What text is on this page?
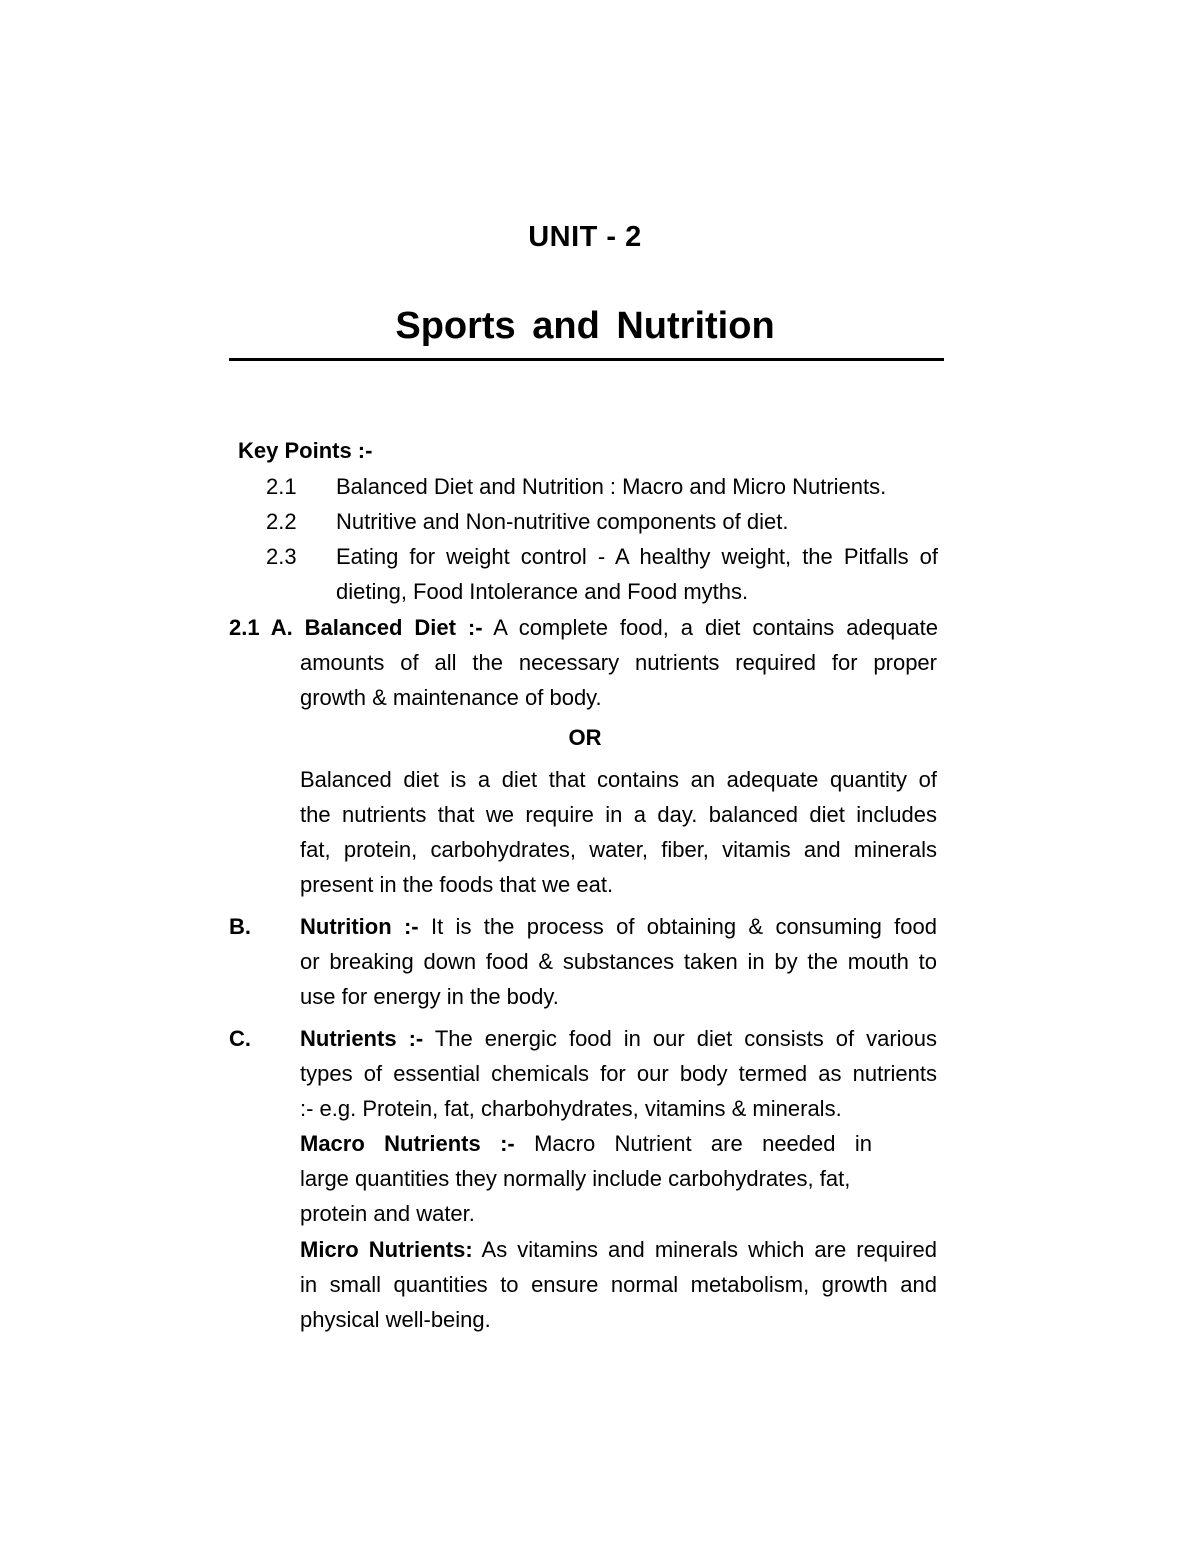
UNIT - 2
Sports and Nutrition
Key Points :-
2.1 Balanced Diet and Nutrition : Macro and Micro Nutrients.
2.2 Nutritive and Non-nutritive components of diet.
2.3 Eating for weight control - A healthy weight, the Pitfalls of
dieting, Food Intolerance and Food myths.
2.1 A. Balanced Diet :- A complete food, a diet contains adequate
amounts of all the necessary nutrients required for proper
growth & maintenance of body.
OR
Balanced diet is a diet that contains an adequate quantity of
the nutrients that we require in a day. balanced diet includes
fat, protein, carbohydrates, water, fiber, vitamis and minerals
present in the foods that we eat.
B. Nutrition :- It is the process of obtaining & consuming food
or breaking down food & substances taken in by the mouth to
use for energy in the body.
C. Nutrients :- The energic food in our diet consists of various
types of essential chemicals for our body termed as nutrients
:- e.g. Protein, fat, charbohydrates, vitamins & minerals.
Macro Nutrients :- Macro Nutrient are needed in
large quantities they normally include carbohydrates, fat,
protein and water.
Micro Nutrients: As vitamins and minerals which are required
in small quantities to ensure normal metabolism, growth and
physical well-being.
